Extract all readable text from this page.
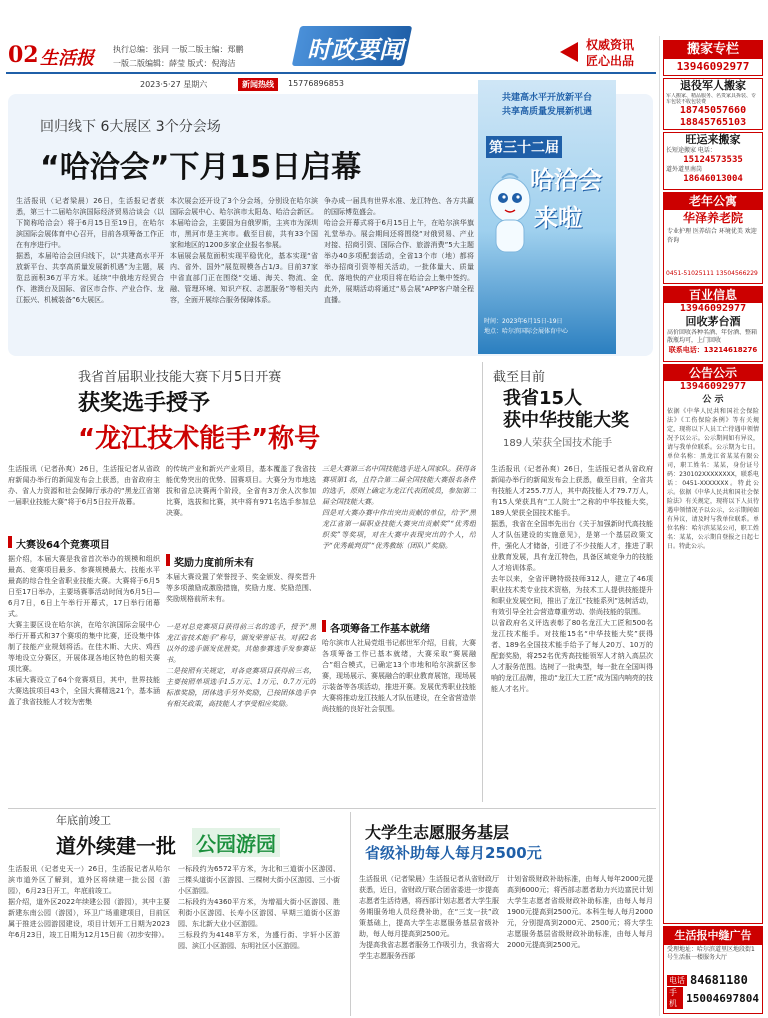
02 生活报 执行总编：张同 一版二版主编：郑鹏
一版二版编辑：薛莹 版式：倪海洁	时政要闻	权威资讯
匠心出品
2023·5·27 星期六	新闻热线	15776896853
回归线下 6大展区 3个分会场
“哈洽会”下月15日启幕
生活报讯（记者梁晨）26日，生活报记者获悉，第三十二届哈尔滨国际经济贸易洽谈会（以下简称哈洽会）将于6月15日至19日，在哈尔滨国际会展体育中心召开，目前各项筹备工作正在有序进行中。
据悉，本届哈洽会回归线下，以“共建高水平开放新平台、共享高质量发展新机遇”为主题，展览总面积36万平方米。延续“中俄地方经贸合作、港澳台及国际、省区市合作、产业合作、龙江振兴、机械装备”6大展区。
本次展会还开设了3个分会场，分别设在哈尔滨国际会展中心、哈尔滨市太阳岛、哈洽会新区。本届哈洽会，主要国为自俄罗斯，主宾市为深圳市，黑河市是主宾市。截至目前，共有33个国家和地区的1200多家企业报名参展。
本届展会展览面积实现平稳优化，基本实现“省内、省外、国外”展览规模各占1/3。目前37家中省直部门正在围绕“交通、海关、物流、金融、管理环境、知识产权、志愿服务”等相关内容，全面开展综合服务保障体系。
争办成一届具有世界水准、龙江特色、各方共赢的国际博览盛会。
哈洽会开幕式将于6月15日上午，在哈尔滨华旗礼堂举办。展会期间还将围绕“对俄贸易、产业对接、招商引资、国际合作、旅游消费”5大主题举办40多项配套活动，全省13个市（地）都将举办招商引资等相关活动，一批体量大、质量优、落地快的产业项目将在哈洽会上集中签约。此外，展期活动将通过“易会展”APP客户端全程直播。
共建高水平开放新平台
共享高质量发展新机遇
第三十二届
哈洽会
来啦
时间：2023年6月15日-19日
地点：哈尔滨国际会展体育中心
我省首届职业技能大赛下月5日开赛
获奖选手授予
“龙江技术能手”称号
生活报讯（记者孙爽）26日，生活报记者从省政府新闻办举行的新闻发布会上获悉，由省政府主办、省人力资源和社会保障厅承办的“黑龙江省第一届职业技能大赛”将于6月5日拉开战幕。
大赛设64个竞赛项目
据介绍，本届大赛是我省首次举办的规模和组织最高、竞赛项目最多、参赛规模最大、技能水平最高的综合性全省职业技能大赛。大赛将于6月5日至17日举办，主要场赛事活动时间为6月5日—6月7日，6日上午举行开幕式，17日举行闭幕式。
大赛主要区设在哈尔滨，在哈尔滨国际会展中心举行开幕式和37个赛项的集中比赛，还设集中体制了技能产业规划将活。在佳木斯、大庆、鸡西等地设立分赛区，开展体现各地区特色的相关赛项比赛。
本届大赛设立了64个竞赛项目，其中，世界技能大赛选拔项目43个，全国大赛精选21个，基本涵盖了我省技能人才较为密集
的传统产业和新兴产业项目，基本覆盖了我省技能优势突出的优势、国赛项目。大赛分为市地选拔和省总决赛两个阶段，全省有3万余人次参加比赛，选拔和比赛，其中将有971名选手参加总决赛。
奖励力度前所未有
本届大赛设置了荣誉授予、奖金颁发、得奖晋升等多项激励成激励措施，奖励力度、奖励范围、奖励规格前所未有。
一是对总竞赛项目获得前三名的选手，授予“黑龙江省技术能手”称号，颁发荣誉证书。对获2名以外的选手颁发优胜奖。其他参赛选手发参赛证书。
二是按照有关规定，对各竞赛项目获得前三名，主要按照单项选手1.5万元、1万元、0.7万元的标准奖励，团体选手另外奖励，已按团体选手享有相关政策，高技能人才享受相应奖励。
三是大赛第三名中国技能选手进入国家队。获得各赛项第1名，且符合第二届全国技能大赛报名条件的选手，原则上确定为龙江代表团成员，参加第二届全国技能大赛。
四是对大赛办赛中作出突出贡献的单位，给予“黑龙江省第一届职业技能大赛突出贡献奖”“优秀组织奖”等奖项，对在大赛中表现突出的个人，给予“优秀裁判员”“优秀教练（团队）”奖励。
各项筹备工作基本就绪
哈尔滨市人社局党组书记郝世军介绍，目前，大赛各项筹备工作已基本就绪，大赛采取“赛展融合”组合模式，已确定13个市地和哈尔滨新区参赛，现场展示、赛展融合的职业教育展馆，现场展示装备等各项活动，推进开赛。发展优秀职业技能大赛将推动龙江技能人才队伍建设，在全省营造崇尚技能的良好社会氛围。
截至目前
我省15人
获中华技能大奖
189人荣获全国技术能手
生活报讯（记者孙爽）26日，生活报记者从省政府新闻办举行的新闻发布会上获悉，截至目前，全省共有技能人才255.7万人，其中高技能人才79.7万人，有15人荣获具有“工人院士”之称的中华技能大奖，189人荣获全国技术能手。
据悉，我省在全国率先出台《关于加强新时代高技能人才队伍建设的实施意见》，是第一个基层政策文件，强化人才储备，引进了不少技能人才，推进了职业教育发展，具有龙江特色，具备区域竞争力的技能人才培训体系。
去年以来，全省评聘特级技师312人，建立了46项职业技术类专业技术资格，为技术工人提供技能提升和职业发展空间，推出了龙江“技能系列”选树活动，有效引导全社会营造尊重劳动、崇尚技能的氛围。
以省政府名义评选表彰了80名龙江大工匠和500名龙江技术能手。对技能15名“中华技能大奖”获得者、189名全国技术能手给予了每人20万、10万的配套奖励，将252名优秀高技能领军人才纳入高层次人才服务范围。选树了一批典型，每一批在全国叫得响的龙江品牌，推动“龙江大工匠”成为国内响亮的技能人才名片。
年底前竣工
道外续建一批 公园游园
生活报讯（记者史天一）26日，生活报记者从哈尔滨市道外区了解到，道外区将续建一批公园（游园），6月23日开工，年底前竣工。
据介绍，道外区2022年续建公园（游园），其中主要新建东南公园（游园），环卫广场重建项目，目前区属于推进公园游园建设，项目计划开工日期为2023年6月23日，竣工日期为12月15日前（初步安排）。
一标段约为6572平方米，为北和三道街小区游园、三棵头道街小区游园、三棵树大街小区游园、三小街小区游园。
二标段约为4360平方米，为增福大街小区游园、胜利街小区游园、长寿小区游园、早期三道街小区游园、东北新大业小区游园。
三标段约为4148平方米，为盛行街、宇轩小区游园、滨江小区游园、东明社区小区游园。
大学生志愿服务基层
省级补助每人每月2500元
生活报讯（记者梁晨）生活报记者从省财政厅获悉，近日，省财政厅联合团省委进一步提高志愿者生活待遇，将西部计划志愿者大学生服务期服务地人员经费补助，在“三支一扶”政策基础上，提高大学生志愿服务基层省级补助，每人每月提高到2500元。
为提高我省志愿者服务工作吸引力，我省将大学生志愿服务西部
计划省级财政补助标准，由每人每年2000元提高到6000元；将西部志愿者助力兴边富民计划大学生志愿者省级财政补助标准，由每人每月1900元提高到2500元。本科生每人每月2000元，分别提高到2000元、2500元；将大学生志愿服务基层省级财政补助标准，由每人每月2000元提高到2500元。
搬家专栏
13946092977
退役军人搬家
军人搬家、精品服务、名贵家具拆装、专车包装不收包装费
18745057660
18845765103
旺运来搬家
长短途搬家 电话：
15124573535
道外道里南岗
18646013004
老年公寓
华泽养老院
专业护理 医养结合 环境优美 欢迎咨询
0451-51025111 13504566229
百业信息
13946092977
回收茅台酒
高价回收各种名酒、年份酒、整箱散瓶均可，上门回收
联系电话：13214618276
公告公示
13946092977
公 示
依据《中华人民共和国社会保险法》《工伤保险条例》等有关规定，现将以下人员工亡待遇申领情况予以公示。公示期间如有异议，请与我单位联系。公示期为七日。单位名称：黑龙江省某某有限公司，职工姓名：某某，身份证号码：230102XXXXXXXX，联系电话：0451-XXXXXXX。特此公示。依据《中华人民共和国社会保险法》有关规定，现将以下人员待遇申领情况予以公示，公示期间如有异议，请及时与我单位联系。单位名称：哈尔滨某某公司，职工姓名：某某，公示期自登报之日起七日。特此公示。
生活报中缝广告
受理地址：哈尔滨道里区地段街1号生活报一楼服务大厅
电话 84681180
手机 15004697804
